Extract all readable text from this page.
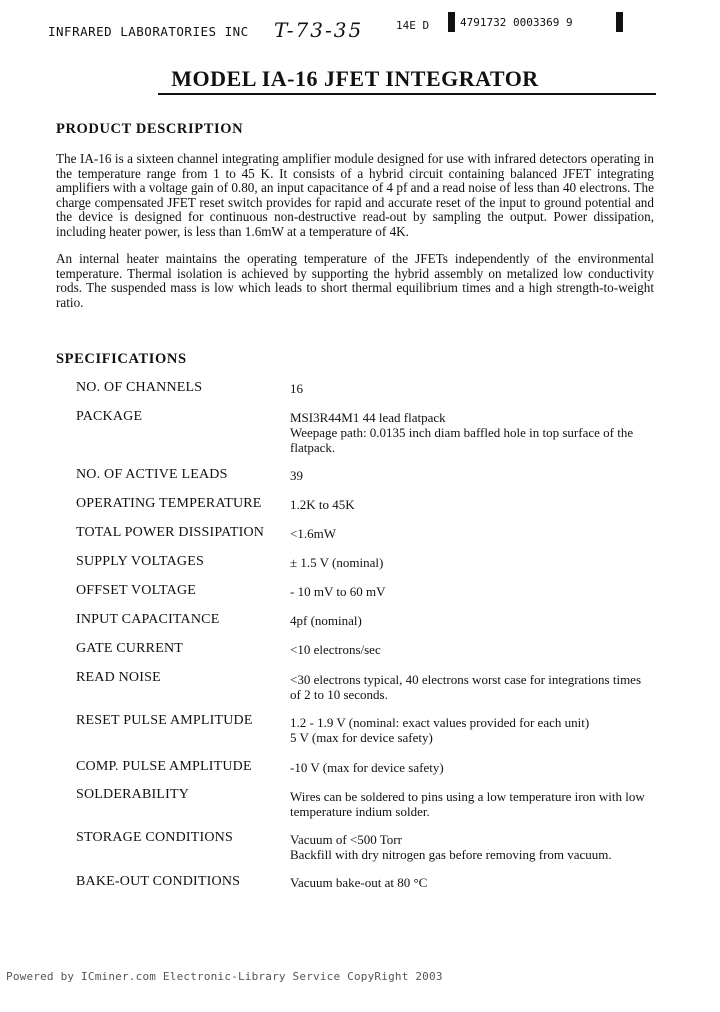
INFRARED LABORATORIES INC T-73-35	14E D	4791732 0003369 9
MODEL IA-16 JFET INTEGRATOR
PRODUCT DESCRIPTION
The IA-16 is a sixteen channel integrating amplifier module designed for use with infrared detectors operating in the temperature range from 1 to 45 K. It consists of a hybrid circuit containing balanced JFET integrating amplifiers with a voltage gain of 0.80, an input capacitance of 4 pf and a read noise of less than 40 electrons. The charge compensated JFET reset switch provides for rapid and accurate reset of the input to ground potential and the device is designed for continuous non-destructive read-out by sampling the output. Power dissipation, including heater power, is less than 1.6mW at a temperature of 4K.
An internal heater maintains the operating temperature of the JFETs independently of the environmental temperature. Thermal isolation is achieved by supporting the hybrid assembly on metalized low conductivity rods. The suspended mass is low which leads to short thermal equilibrium times and a high strength-to-weight ratio.
SPECIFICATIONS
NO. OF CHANNELS	16
PACKAGE	MSI3R44M1 44 lead flatpack
Weepage path: 0.0135 inch diam baffled hole in top surface of the flatpack.
NO. OF ACTIVE LEADS	39
OPERATING TEMPERATURE 1.2K to 45K
TOTAL POWER DISSIPATION <1.6mW
SUPPLY VOLTAGES	± 1.5 V (nominal)
OFFSET VOLTAGE	- 10 mV to 60 mV
INPUT CAPACITANCE	4pf (nominal)
GATE CURRENT	<10 electrons/sec
READ NOISE	<30 electrons typical, 40 electrons worst case for integrations times of 2 to 10 seconds.
RESET PULSE AMPLITUDE	1.2 - 1.9 V (nominal: exact values provided for each unit)
5 V (max for device safety)
COMP. PULSE AMPLITUDE	-10 V (max for device safety)
SOLDERABILITY	Wires can be soldered to pins using a low temperature iron with low temperature indium solder.
STORAGE CONDITIONS	Vacuum of <500 Torr
Backfill with dry nitrogen gas before removing from vacuum.
BAKE-OUT CONDITIONS	Vacuum bake-out at 80 °C
Powered by ICminer.com Electronic-Library Service CopyRight 2003
